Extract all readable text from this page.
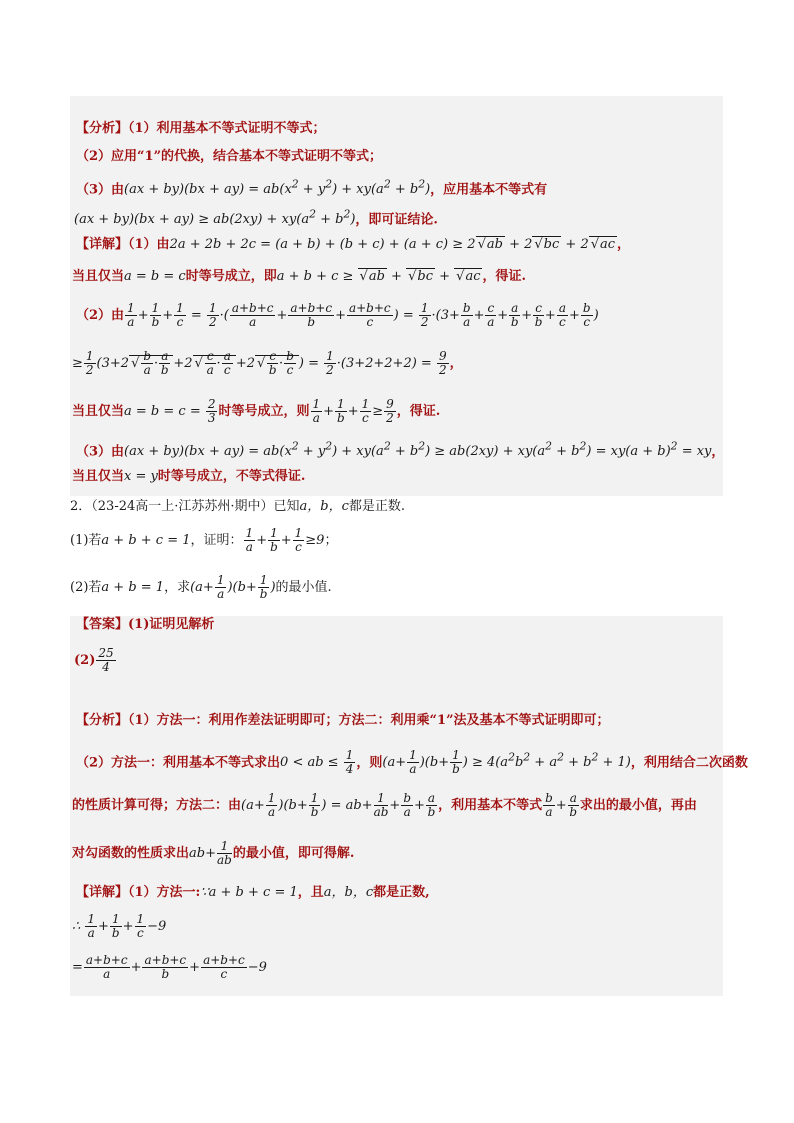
【分析】（1）利用基本不等式证明不等式；
（2）应用“1”的代换，结合基本不等式证明不等式；
（3）由$(ax + by)(bx + ay) = ab(x^2 + y^2) + xy(a^2 + b^2)$，应用基本不等式有
$(ax + by)(bx + ay) \ge ab(2xy) + xy(a^2 + b^2)$，即可证结论.
【详解】（1）由2a + 2b + 2c = (a + b) + (b + c) + (a + c) ≥ 2 √ ab + 2 √ bc + 2 √ ac ，
当且仅当a = b = c时等号成立，即a + b + c ≥ √ ab + √ bc + √ ac ，得证.
（2）由 $\frac{1}{a} + \frac{1}{b} + \frac{1}{c} = \frac{1}{2}$ ·( $\frac{a+b+c}{a} + \frac{a+b+c}{b} + \frac{a+b+c}{c}$ ) = $\frac{1}{2} \cdot(3+ \frac{b}{a} + \frac{c}{a} + \frac{a}{b} + \frac{c}{b} + \frac{a}{c} + \frac{b}{c}$ )
≥ $\frac{1}{2} (3+2$ √ $\frac{b}{a} \cdot \frac{a}{b} +2$ √ $\frac{c}{a} \cdot \frac{a}{c} +2$ √ $\frac{c}{b} \cdot \frac{b}{c}$ ) = $\frac{1}{2} \cdot(3+2+2+2) = \frac{9}{2}$ ，
当且仅当$a = b = c = \frac{2}{3}$ 时等号成立，则 $\frac{1}{a} + \frac{1}{b} + \frac{1}{c} \ge \frac{9}{2}$ ，得证.
（3）由$(ax + by)(bx + ay) = ab(x^2 + y^2) + xy(a^2 + b^2) \ge ab(2xy) + xy(a^2 + b^2) = xy(a + b)^2$ = xy，
当且仅当x = y时等号成立，不等式得证.
2．（23-24高一上·江苏苏州·期中）已知a，b，c都是正数.
(1)若a + b + c = 1，证明： $\frac{1}{a} + \frac{1}{b} + \frac{1}{c} \ge 9$；
(2)若a + b = 1，求$(a+ \frac{1}{a} )(b+ \frac{1}{b}$ )的最小值.
【答案】(1)证明见解析
$(2) \frac{25}{4}$
【分析】（1）方法一：利用作差法证明即可；方法二：利用乘“1”法及基本不等式证明即可；
（2）方法一：利用基本不等式求出0 < ab ≤ $\frac{1}{4}$ ，则$(a+ \frac{1}{a} )(b+ \frac{1}{b}$ ) ≥ $4(a^2b^2 + a^2 + b^2 + 1)$，利用结合二次函数
的性质计算可得；方法二：由$(a+ \frac{1}{a} )(b+ \frac{1}{b}$ ) = $ab+ \frac{1}{ab} + \frac{b}{a} + \frac{a}{b}$ ，利用基本不等式 $\frac{b}{a} + \frac{a}{b}$ 求出的最小值，再由
对勾函数的性质求出$ab+ \frac{1}{ab}$ 的最小值，即可得解.
【详解】（1）方法一:∵a + b + c = 1，且a，b，c都是正数,
∴ $\frac{1}{a} + \frac{1}{b} + \frac{1}{c} -9$
= $\frac{a+b+c}{a} + \frac{a+b+c}{b} + \frac{a+b+c}{c} -9$
